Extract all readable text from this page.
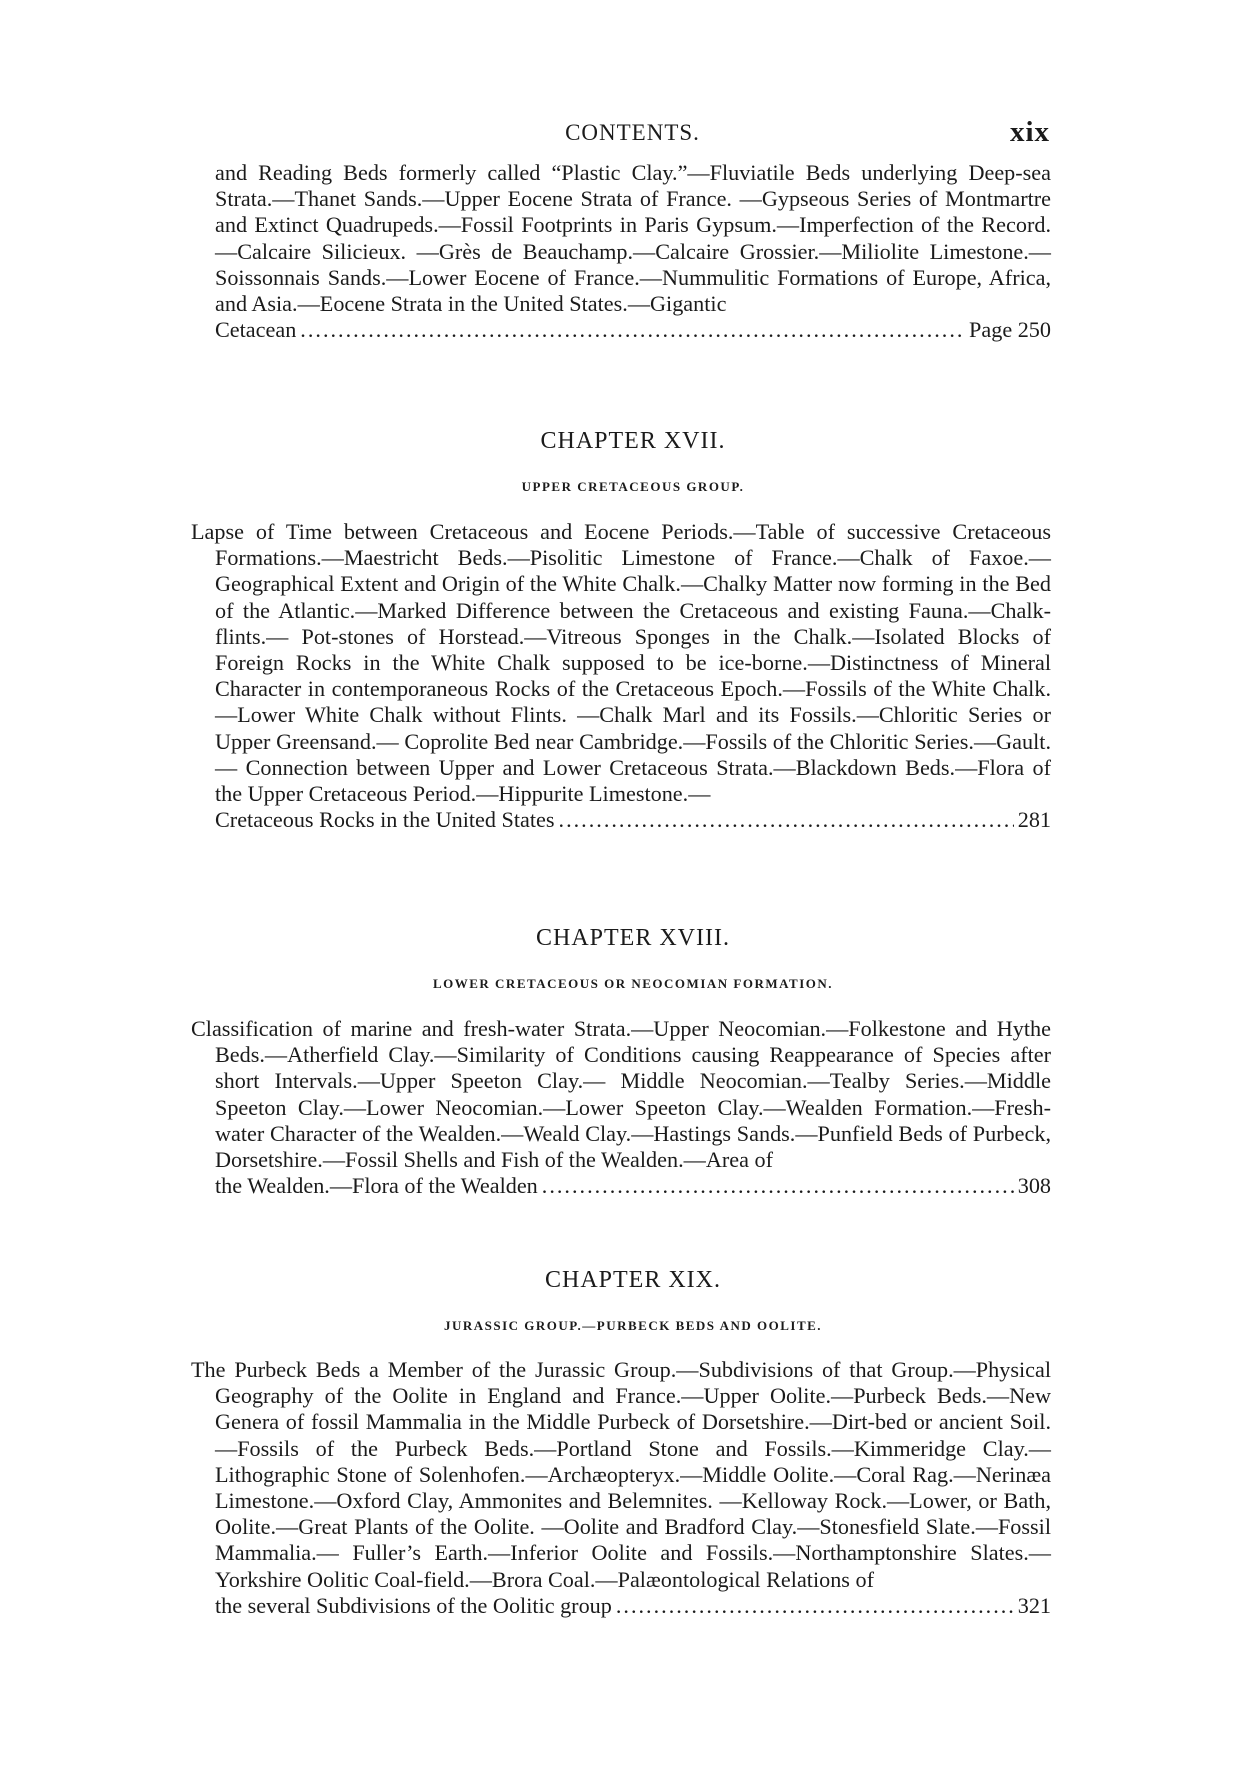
CONTENTS.	xix
and Reading Beds formerly called “Plastic Clay.”—Fluviatile Beds underlying Deep-sea Strata.—Thanet Sands.—Upper Eocene Strata of France. —Gypseous Series of Montmartre and Extinct Quadrupeds.—Fossil Footprints in Paris Gypsum.—Imperfection of the Record.—Calcaire Silicieux. —Grès de Beauchamp.—Calcaire Grossier.—Miliolite Limestone.—Soissonnais Sands.—Lower Eocene of France.—Nummulitic Formations of Europe, Africa, and Asia.—Eocene Strata in the United States.—Gigantic
Cetacean .....	Page 250
CHAPTER XVII.
UPPER CRETACEOUS GROUP.
Lapse of Time between Cretaceous and Eocene Periods.—Table of successive Cretaceous Formations.—Maestricht Beds.—Pisolitic Limestone of France.—Chalk of Faxoe.—Geographical Extent and Origin of the White Chalk.—Chalky Matter now forming in the Bed of the Atlantic.—Marked Difference between the Cretaceous and existing Fauna.—Chalk-flints.— Pot-stones of Horstead.—Vitreous Sponges in the Chalk.—Isolated Blocks of Foreign Rocks in the White Chalk supposed to be ice-borne.—Distinctness of Mineral Character in contemporaneous Rocks of the Cretaceous Epoch.—Fossils of the White Chalk.—Lower White Chalk without Flints. —Chalk Marl and its Fossils.—Chloritic Series or Upper Greensand.— Coprolite Bed near Cambridge.—Fossils of the Chloritic Series.—Gault.— Connection between Upper and Lower Cretaceous Strata.—Blackdown Beds.—Flora of the Upper Cretaceous Period.—Hippurite Limestone.—
Cretaceous Rocks in the United States .....	281
CHAPTER XVIII.
LOWER CRETACEOUS OR NEOCOMIAN FORMATION.
Classification of marine and fresh-water Strata.—Upper Neocomian.—Folkestone and Hythe Beds.—Atherfield Clay.—Similarity of Conditions causing Reappearance of Species after short Intervals.—Upper Speeton Clay.— Middle Neocomian.—Tealby Series.—Middle Speeton Clay.—Lower Neocomian.—Lower Speeton Clay.—Wealden Formation.—Fresh-water Character of the Wealden.—Weald Clay.—Hastings Sands.—Punfield Beds of Purbeck, Dorsetshire.—Fossil Shells and Fish of the Wealden.—Area of
the Wealden.—Flora of the Wealden .....	308
CHAPTER XIX.
JURASSIC GROUP.—PURBECK BEDS AND OOLITE.
The Purbeck Beds a Member of the Jurassic Group.—Subdivisions of that Group.—Physical Geography of the Oolite in England and France.—Upper Oolite.—Purbeck Beds.—New Genera of fossil Mammalia in the Middle Purbeck of Dorsetshire.—Dirt-bed or ancient Soil.—Fossils of the Purbeck Beds.—Portland Stone and Fossils.—Kimmeridge Clay.— Lithographic Stone of Solenhofen.—Archæopteryx.—Middle Oolite.—Coral Rag.—Nerinæa Limestone.—Oxford Clay, Ammonites and Belemnites. —Kelloway Rock.—Lower, or Bath, Oolite.—Great Plants of the Oolite. —Oolite and Bradford Clay.—Stonesfield Slate.—Fossil Mammalia.— Fuller’s Earth.—Inferior Oolite and Fossils.—Northamptonshire Slates.— Yorkshire Oolitic Coal-field.—Brora Coal.—Palæontological Relations of
the several Subdivisions of the Oolitic group .....	321
